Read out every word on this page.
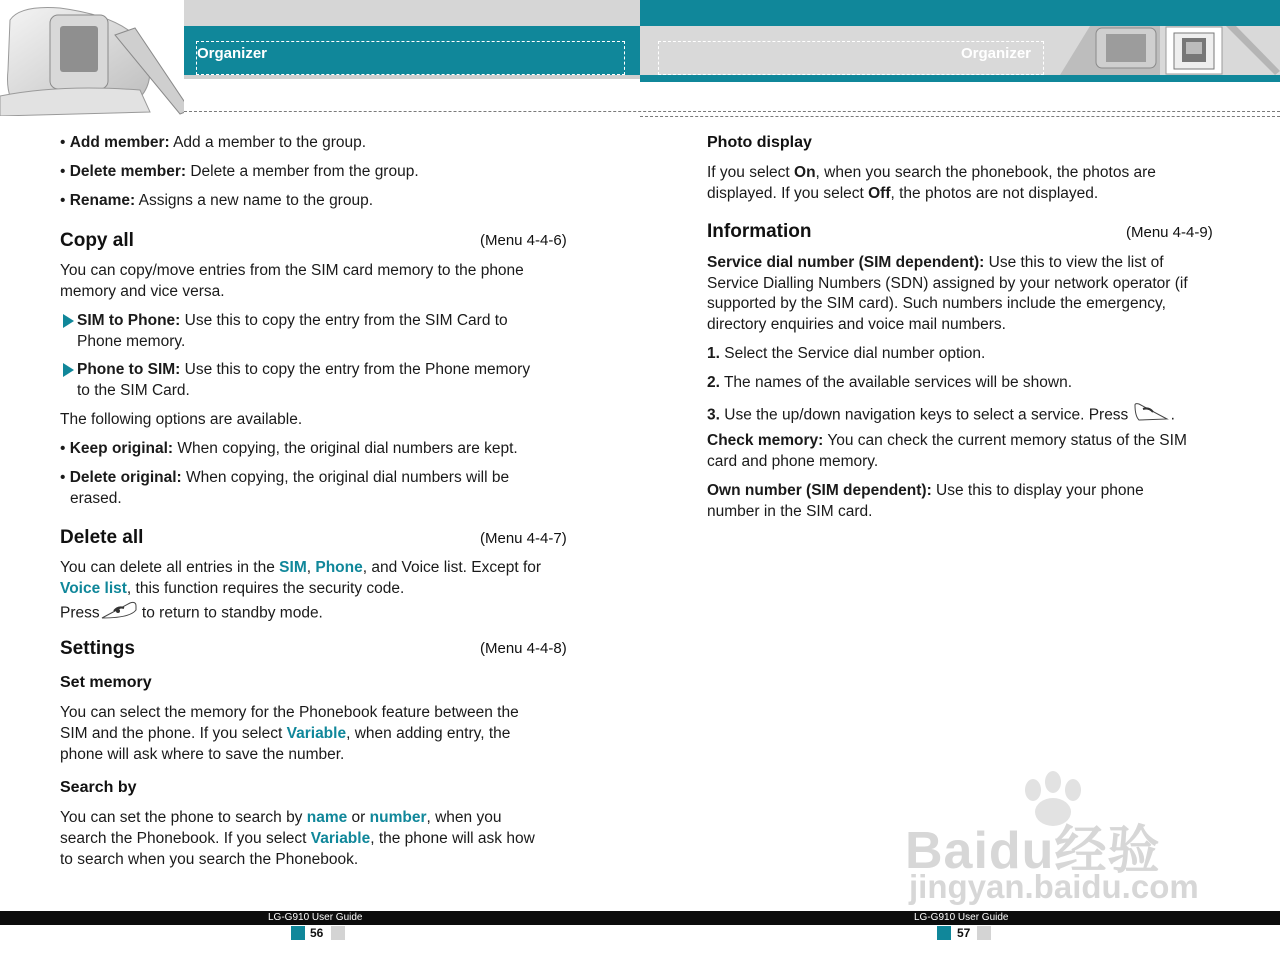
Organizer	Organizer

• Add member: Add a member to the group.

• Delete member: Delete a member from the group.

• Rename: Assigns a new name to the group.

Copy all	(Menu 4-4-6)

You can copy/move entries from the SIM card memory to the phone

memory and vice versa.

SIM to Phone: Use this to copy the entry from the SIM Card to

Phone memory.

Phone to SIM: Use this to copy the entry from the Phone memory

to the SIM Card.

The following options are available.

• Keep original: When copying, the original dial numbers are kept.

• Delete original: When copying, the original dial numbers will be

erased.

Delete all	(Menu 4-4-7)

You can delete all entries in the SIM, Phone, and Voice list. Except for

Voice list, this function requires the security code.

Press to return to standby mode.

Settings	(Menu 4-4-8)
Set memory

You can select the memory for the Phonebook feature between the

SIM and the phone. If you select Variable, when adding entry, the

phone will ask where to save the number.

Search by

You can set the phone to search by name or number, when you

search the Phonebook. If you select Variable, the phone will ask how

to search when you search the Phonebook.

Photo display

If you select On, when you search the phonebook, the photos are

displayed. If you select Off, the photos are not displayed.

Information	(Menu 4-4-9)

Service dial number (SIM dependent): Use this to view the list of

Service Dialling Numbers (SDN) assigned by your network operator (if

supported by the SIM card). Such numbers include the emergency,

directory enquiries and voice mail numbers.

1. Select the Service dial number option.

2. The names of the available services will be shown.

3. Use the up/down navigation keys to select a service. Press .

Check memory: You can check the current memory status of the SIM

card and phone memory.

Own number (SIM dependent): Use this to display your phone

number in the SIM card.

Baidu经验
jingyan.baidu.com
LG-G910 User Guide	LG-G910 User Guide
56	57
